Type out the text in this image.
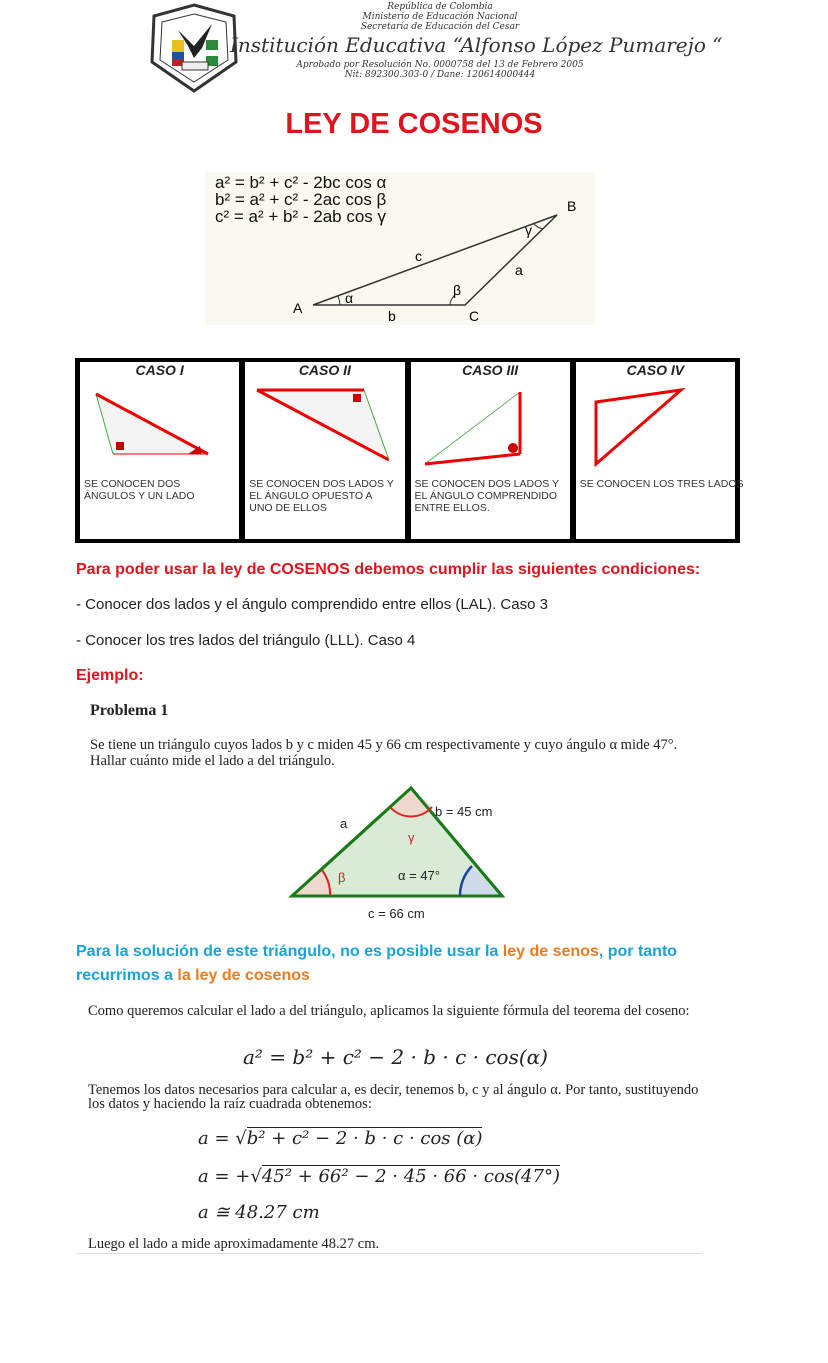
República de Colombia
Ministerio de Educación Nacional
Secretaría de Educación del Cesar
Institución Educativa “Alfonso López Pumarejo “
Aprobado por Resolución No. 0000758 del 13 de Febrero 2005
Nit: 892300.303-0 / Dane: 120614000444
LEY DE COSENOS
a² = b² + c² - 2bc cos α
b² = a² + c² - 2ac cos β
c² = a² + b² - 2ab cos γ
A
B
C
a
b
c
α	β
γ
CASO I

SE CONOCEN DOS ÁNGULOS Y UN LADO

CASO II

SE CONOCEN DOS LADOS Y EL ÁNGULO OPUESTO A UNO DE ELLOS

CASO III

SE CONOCEN DOS LADOS Y EL ÁNGULO COMPRENDIDO ENTRE ELLOS.

CASO IV

SE CONOCEN LOS TRES LADOS

Para poder usar la ley de COSENOS debemos cumplir las siguientes condiciones:
- Conocer dos lados y el ángulo comprendido entre ellos (LAL). Caso 3
- Conocer los tres lados del triángulo (LLL). Caso 4
Ejemplo:
Problema 1
Se tiene un triángulo cuyos lados b y c miden 45 y 66 cm respectivamente y cuyo ángulo α mide 47°. Hallar cuánto mide el lado a del triángulo.
a
b = 45 cm
c = 66 cm
α = 47°
β
γ
Para la solución de este triángulo, no es posible usar la ley de senos, por tanto recurrimos a la ley de cosenos
Como queremos calcular el lado a del triángulo, aplicamos la siguiente fórmula del teorema del coseno:
a² = b² + c² − 2 · b · c · cos(α)
Tenemos los datos necesarios para calcular a, es decir, tenemos b, c y al ángulo α. Por tanto, sustituyendo los datos y haciendo la raíz cuadrada obtenemos:
a = √b² + c² − 2 · b · c · cos (α)
a = +√45² + 66² − 2 · 45 · 66 · cos(47°)
a ≅ 48.27 cm
Luego el lado a mide aproximadamente 48.27 cm.
